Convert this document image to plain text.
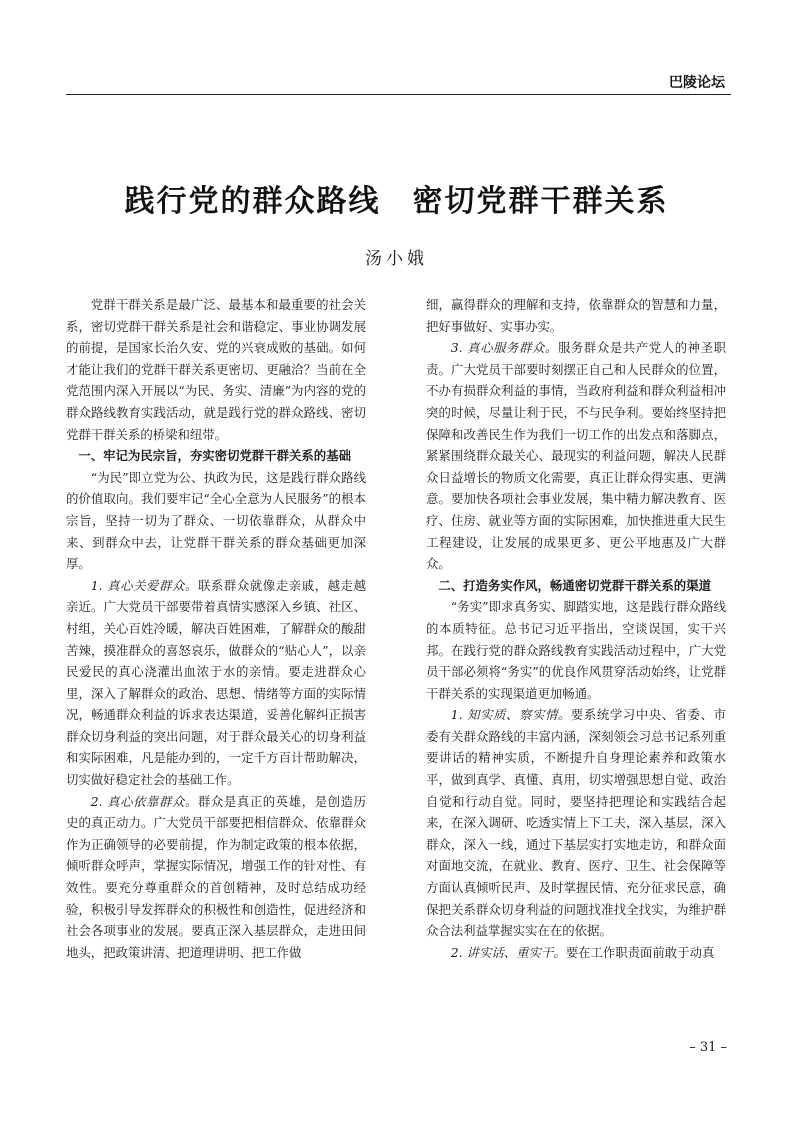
巴陵论坛
践行党的群众路线　密切党群干群关系
汤小娥

党群干群关系是最广泛、最基本和最重要的社会关系，密切党群干群关系是社会和谐稳定、事业协调发展的前提，是国家长治久安、党的兴衰成败的基础。如何才能让我们的党群干群关系更密切、更融洽？当前在全党范围内深入开展以“为民、务实、清廉”为内容的党的群众路线教育实践活动，就是践行党的群众路线、密切党群干群关系的桥梁和纽带。

一、牢记为民宗旨，夯实密切党群干群关系的基础

“为民”即立党为公、执政为民，这是践行群众路线的价值取向。我们要牢记“全心全意为人民服务”的根本宗旨，坚持一切为了群众、一切依靠群众，从群众中来、到群众中去，让党群干群关系的群众基础更加深厚。

1. 真心关爱群众。联系群众就像走亲戚，越走越亲近。广大党员干部要带着真情实感深入乡镇、社区、村组，关心百姓冷暖，解决百姓困难，了解群众的酸甜苦辣，摸准群众的喜怒哀乐，做群众的“贴心人”，以亲民爱民的真心浇灌出血浓于水的亲情。要走进群众心里，深入了解群众的政治、思想、情绪等方面的实际情况，畅通群众利益的诉求表达渠道，妥善化解纠正损害群众切身利益的突出问题，对于群众最关心的切身利益和实际困难，凡是能办到的，一定千方百计帮助解决，切实做好稳定社会的基础工作。

2. 真心依靠群众。群众是真正的英雄，是创造历史的真正动力。广大党员干部要把相信群众、依靠群众作为正确领导的必要前提，作为制定政策的根本依据，倾听群众呼声，掌握实际情况，增强工作的针对性、有效性。要充分尊重群众的首创精神，及时总结成功经验，积极引导发挥群众的积极性和创造性，促进经济和社会各项事业的发展。要真正深入基层群众，走进田间地头，把政策讲清、把道理讲明、把工作做

细，赢得群众的理解和支持，依靠群众的智慧和力量，把好事做好、实事办实。

3. 真心服务群众。服务群众是共产党人的神圣职责。广大党员干部要时刻摆正自己和人民群众的位置，不办有损群众利益的事情，当政府利益和群众利益相冲突的时候，尽量让利于民，不与民争利。要始终坚持把保障和改善民生作为我们一切工作的出发点和落脚点，紧紧围绕群众最关心、最现实的利益问题，解决人民群众日益增长的物质文化需要，真正让群众得实惠、更满意。要加快各项社会事业发展，集中精力解决教育、医疗、住房、就业等方面的实际困难，加快推进重大民生工程建设，让发展的成果更多、更公平地惠及广大群众。

二、打造务实作风，畅通密切党群干群关系的渠道

“务实”即求真务实、脚踏实地，这是践行群众路线的本质特征。总书记习近平指出，空谈误国，实干兴邦。在践行党的群众路线教育实践活动过程中，广大党员干部必须将“务实”的优良作风贯穿活动始终，让党群干群关系的实现渠道更加畅通。

1. 知实质、察实情。要系统学习中央、省委、市委有关群众路线的丰富内涵，深刻领会习总书记系列重要讲话的精神实质，不断提升自身理论素养和政策水平，做到真学、真懂、真用，切实增强思想自觉、政治自觉和行动自觉。同时，要坚持把理论和实践结合起来，在深入调研、吃透实情上下工夫，深入基层，深入群众，深入一线，通过下基层实打实地走访，和群众面对面地交流，在就业、教育、医疗、卫生、社会保障等方面认真倾听民声、及时掌握民情、充分征求民意，确保把关系群众切身利益的问题找准找全找实，为维护群众合法利益掌握实实在在的依据。

2. 讲实话、重实干。要在工作职责面前敢于动真

– 31 –
